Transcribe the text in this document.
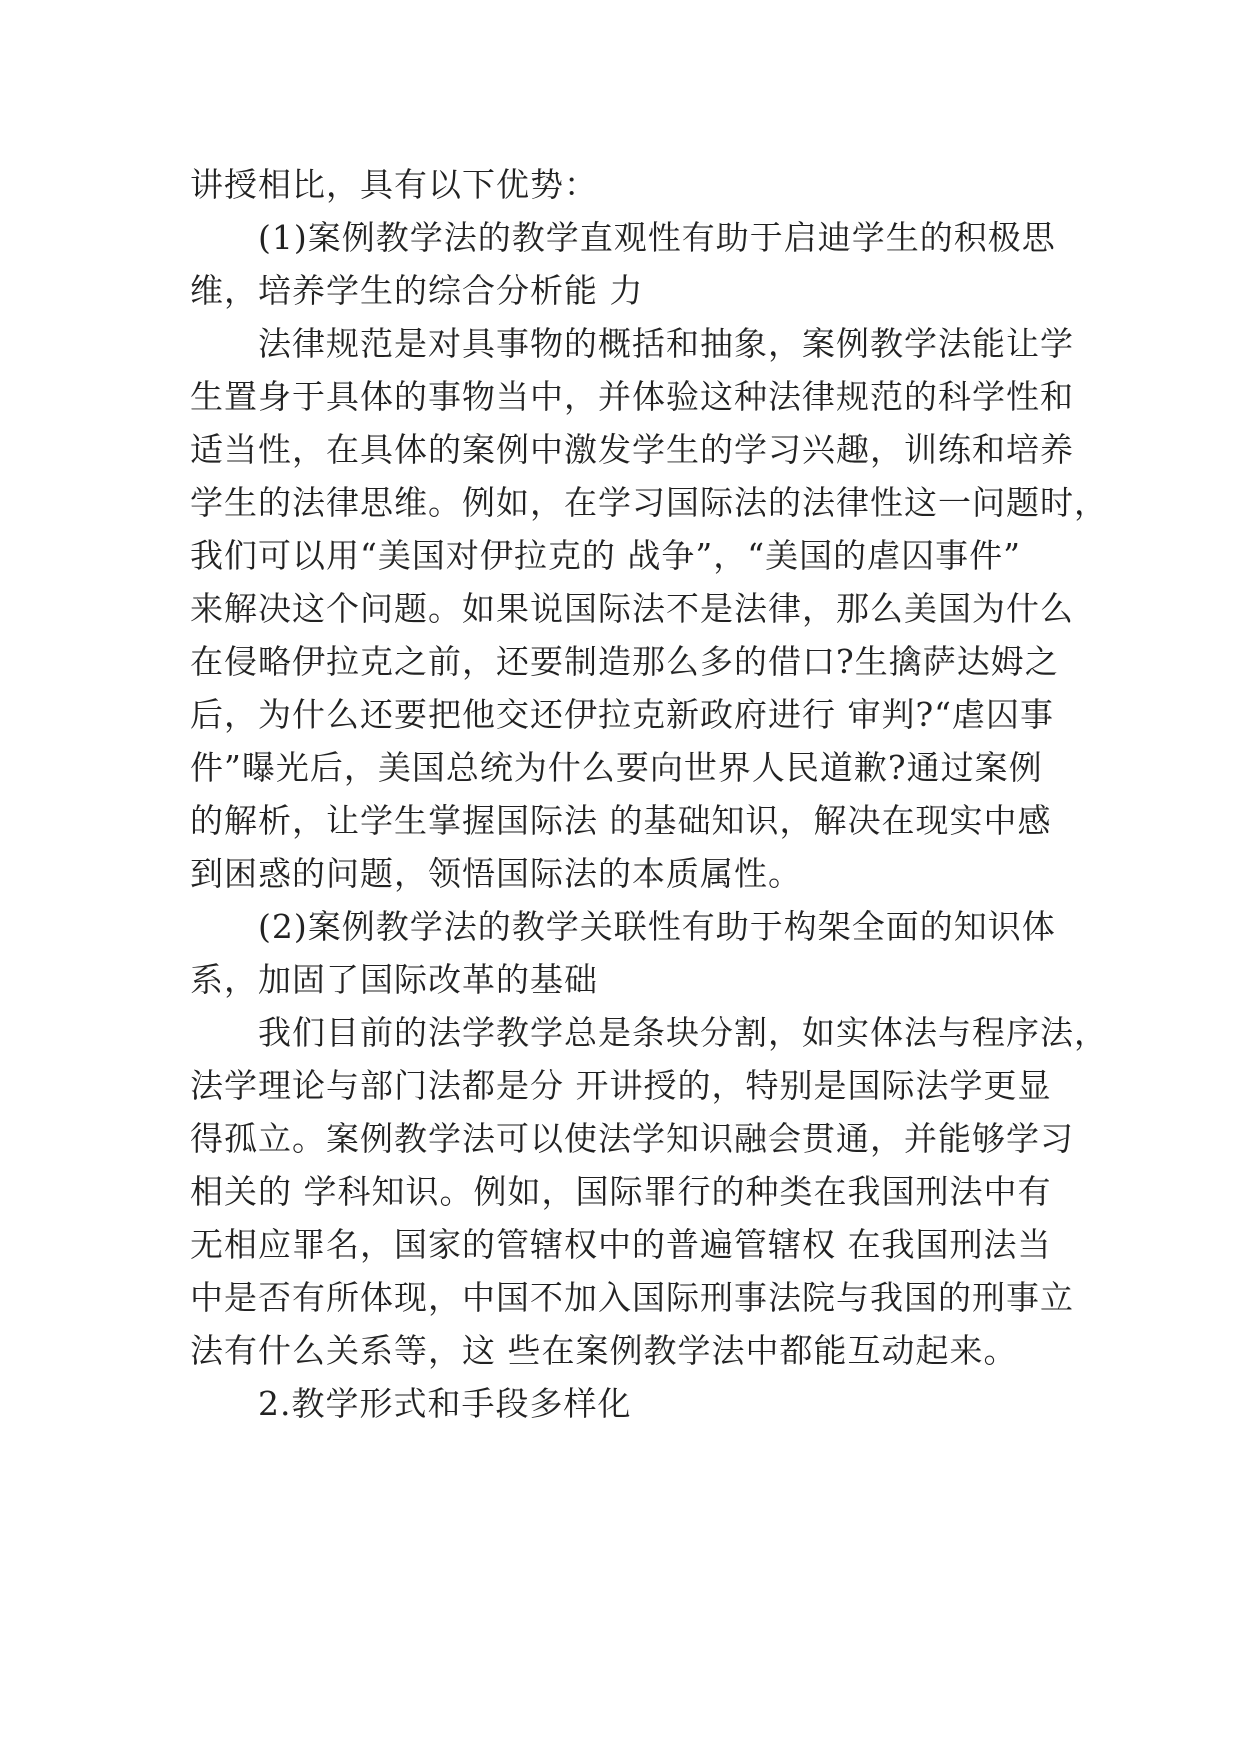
讲授相比，具有以下优势：
(1)案例教学法的教学直观性有助于启迪学生的积极思
维，培养学生的综合分析能 力
法律规范是对具事物的概括和抽象，案例教学法能让学
生置身于具体的事物当中，并体验这种法律规范的科学性和
适当性，在具体的案例中激发学生的学习兴趣，训练和培养
学生的法律思维。例如，在学习国际法的法律性这一问题时，
我们可以用“美国对伊拉克的 战争”，“美国的虐囚事件”
来解决这个问题。如果说国际法不是法律，那么美国为什么
在侵略伊拉克之前，还要制造那么多的借口?生擒萨达姆之
后，为什么还要把他交还伊拉克新政府进行 审判?“虐囚事
件”曝光后，美国总统为什么要向世界人民道歉?通过案例
的解析，让学生掌握国际法 的基础知识，解决在现实中感
到困惑的问题，领悟国际法的本质属性。
(2)案例教学法的教学关联性有助于构架全面的知识体
系，加固了国际改革的基础
我们目前的法学教学总是条块分割，如实体法与程序法，
法学理论与部门法都是分 开讲授的，特别是国际法学更显
得孤立。案例教学法可以使法学知识融会贯通，并能够学习
相关的 学科知识。例如，国际罪行的种类在我国刑法中有
无相应罪名，国家的管辖权中的普遍管辖权 在我国刑法当
中是否有所体现，中国不加入国际刑事法院与我国的刑事立
法有什么关系等，这 些在案例教学法中都能互动起来。
2.教学形式和手段多样化
